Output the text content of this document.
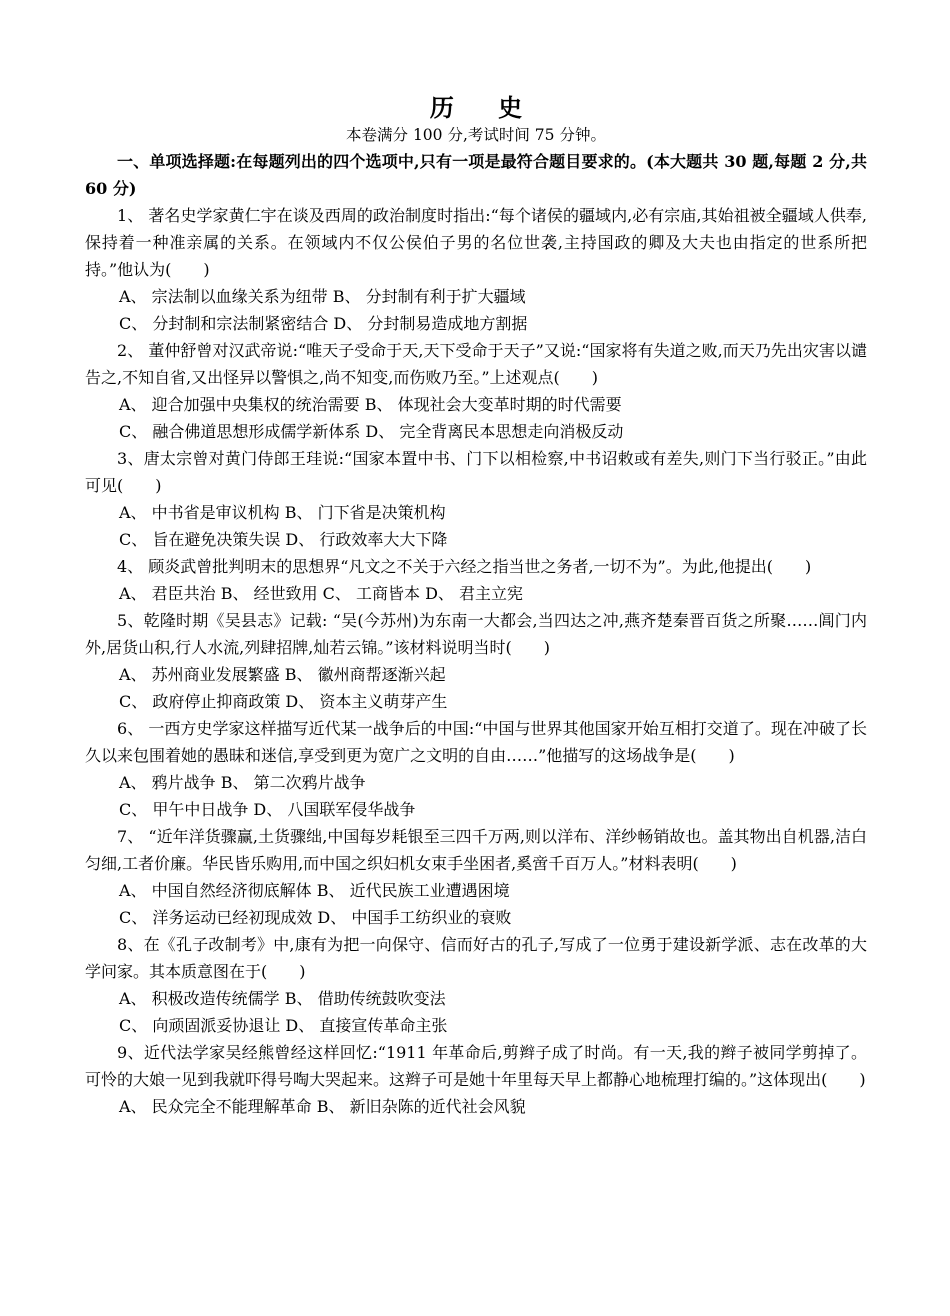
历 史

本卷满分 100 分,考试时间 75 分钟。

一、单项选择题:在每题列出的四个选项中,只有一项是最符合题目要求的。(本大题共 30 题,每题 2 分,共 60 分)

1、 著名史学家黄仁宇在谈及西周的政治制度时指出:“每个诸侯的疆域内,必有宗庙,其始祖被全疆域人供奉,保持着一种准亲属的关系。在领域内不仅公侯伯子男的名位世袭,主持国政的卿及大夫也由指定的世系所把持。”他认为(　　)

A、 宗法制以血缘关系为纽带 B、 分封制有利于扩大疆域

C、 分封制和宗法制紧密结合 D、 分封制易造成地方割据

2、 董仲舒曾对汉武帝说:“唯天子受命于天,天下受命于天子”又说:“国家将有失道之败,而天乃先出灾害以谴告之,不知自省,又出怪异以警惧之,尚不知变,而伤败乃至。”上述观点(　　)

A、 迎合加强中央集权的统治需要 B、 体现社会大变革时期的时代需要

C、 融合佛道思想形成儒学新体系 D、 完全背离民本思想走向消极反动

3、唐太宗曾对黄门侍郎王珪说:“国家本置中书、门下以相检察,中书诏敕或有差失,则门下当行驳正。”由此可见(　　)

A、 中书省是审议机构 B、 门下省是决策机构

C、 旨在避免决策失误 D、 行政效率大大下降

4、 顾炎武曾批判明末的思想界“凡文之不关于六经之指当世之务者,一切不为”。为此,他提出(　　)

A、 君臣共治 B、 经世致用 C、 工商皆本 D、 君主立宪

5、乾隆时期《吴县志》记载: “吴(今苏州)为东南一大都会,当四达之冲,燕齐楚秦晋百货之所聚……阊门内外,居货山积,行人水流,列肆招牌,灿若云锦。”该材料说明当时(　　)

A、 苏州商业发展繁盛 B、 徽州商帮逐渐兴起

C、 政府停止抑商政策 D、 资本主义萌芽产生

6、 一西方史学家这样描写近代某一战争后的中国:“中国与世界其他国家开始互相打交道了。现在冲破了长久以来包围着她的愚昧和迷信,享受到更为宽广之文明的自由……”他描写的这场战争是(　　)

A、 鸦片战争 B、 第二次鸦片战争

C、 甲午中日战争 D、 八国联军侵华战争

7、 “近年洋货骤赢,土货骤绌,中国每岁耗银至三四千万两,则以洋布、洋纱畅销故也。盖其物出自机器,洁白匀细,工者价廉。华民皆乐购用,而中国之织妇机女束手坐困者,奚啻千百万人。”材料表明(　　)

A、 中国自然经济彻底解体 B、 近代民族工业遭遇困境

C、 洋务运动已经初现成效 D、 中国手工纺织业的衰败

8、在《孔子改制考》中,康有为把一向保守、信而好古的孔子,写成了一位勇于建设新学派、志在改革的大学问家。其本质意图在于(　　)

A、 积极改造传统儒学 B、 借助传统鼓吹变法

C、 向顽固派妥协退让 D、 直接宣传革命主张

9、近代法学家吴经熊曾经这样回忆:“1911 年革命后,剪辫子成了时尚。有一天,我的辫子被同学剪掉了。可怜的大娘一见到我就吓得号啕大哭起来。这辫子可是她十年里每天早上都静心地梳理打编的。”这体现出(　　)

A、 民众完全不能理解革命 B、 新旧杂陈的近代社会风貌
